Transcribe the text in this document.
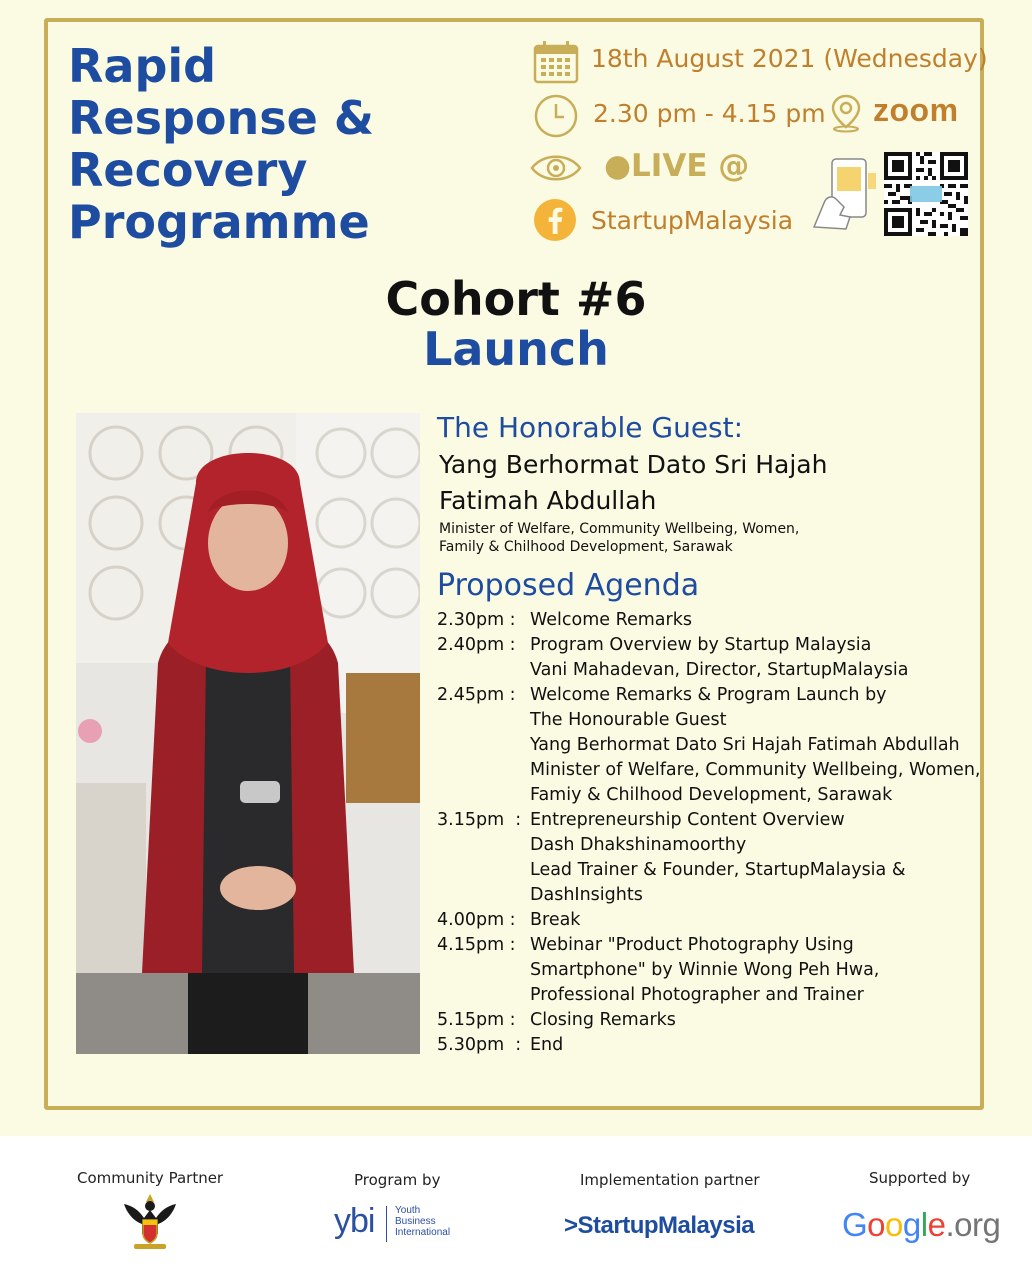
Rapid
Response &
Recovery
Programme
18th August 2021 (Wednesday)
2.30 pm - 4.15 pm zoom
●LIVE @
StartupMalaysia
Cohort #6
Launch
The Honorable Guest:
Yang Berhormat Dato Sri Hajah
Fatimah Abdullah
Minister of Welfare, Community Wellbeing, Women,
Family & Chilhood Development, Sarawak
Proposed Agenda
2.30pm : Welcome Remarks
2.40pm : Program Overview by Startup Malaysia
Vani Mahadevan, Director, StartupMalaysia
2.45pm : Welcome Remarks & Program Launch by
The Honourable Guest
Yang Berhormat Dato Sri Hajah Fatimah Abdullah
Minister of Welfare, Community Wellbeing, Women,
Famiy & Chilhood Development, Sarawak
3.15pm  : Entrepreneurship Content Overview
Dash Dhakshinamoorthy
Lead Trainer & Founder, StartupMalaysia &
DashInsights
4.00pm : Break
4.15pm : Webinar "Product Photography Using
Smartphone" by Winnie Wong Peh Hwa,
Professional Photographer and Trainer
5.15pm : Closing Remarks
5.30pm  : End
Community Partner	Program by
ybi Youth
Business
International
Implementation partner
>StartupMalaysia
Supported by
Google.org
